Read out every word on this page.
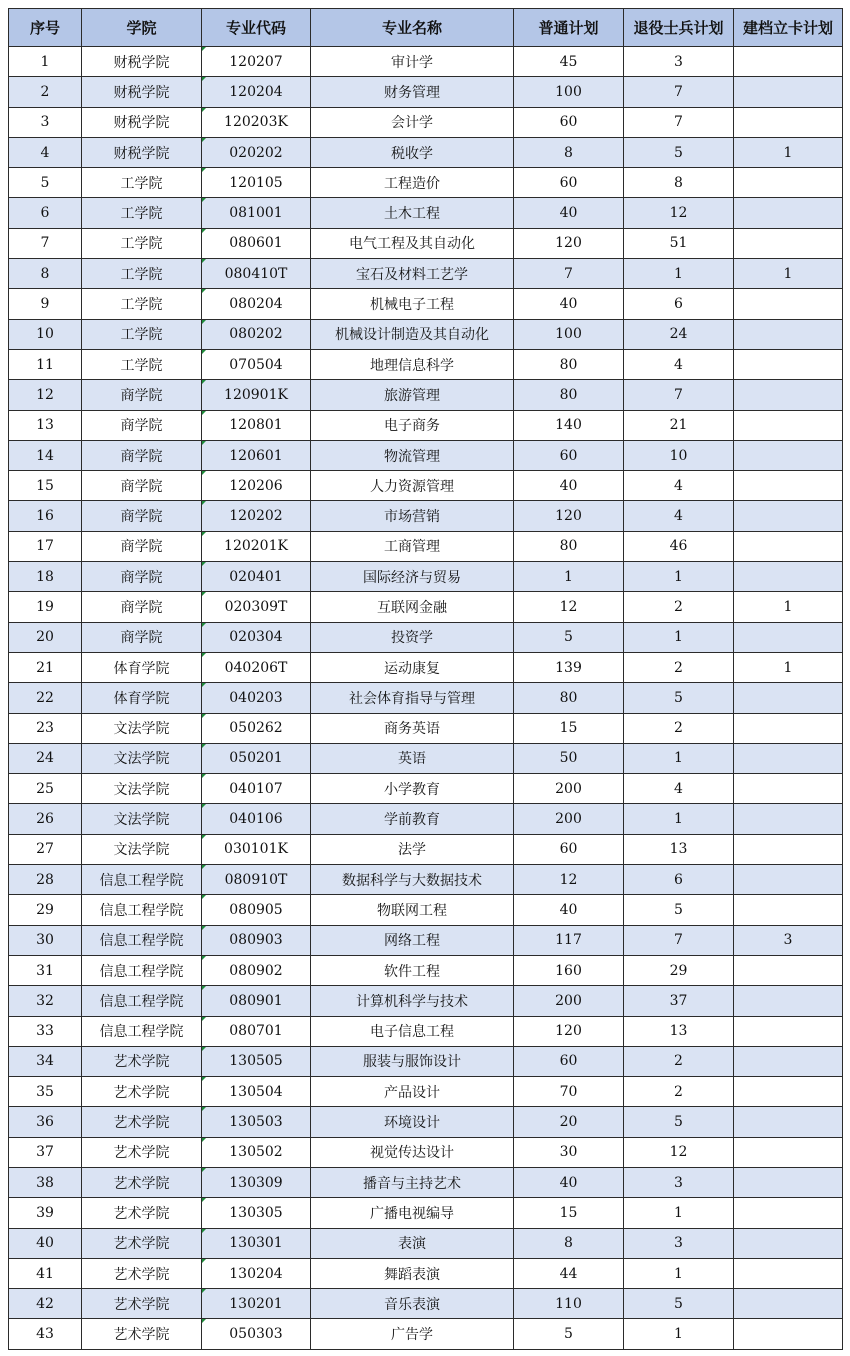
序号	学院	专业代码	专业名称	普通计划	退役士兵计划	建档立卡计划
1	财税学院	120207	审计学	45	3	
2	财税学院	120204	财务管理	100	7	
3	财税学院	120203K	会计学	60	7	
4	财税学院	020202	税收学	8	5	1
5	工学院	120105	工程造价	60	8	
6	工学院	081001	土木工程	40	12	
7	工学院	080601	电气工程及其自动化	120	51	
8	工学院	080410T	宝石及材料工艺学	7	1	1
9	工学院	080204	机械电子工程	40	6	
10	工学院	080202	机械设计制造及其自动化	100	24	
11	工学院	070504	地理信息科学	80	4	
12	商学院	120901K	旅游管理	80	7	
13	商学院	120801	电子商务	140	21	
14	商学院	120601	物流管理	60	10	
15	商学院	120206	人力资源管理	40	4	
16	商学院	120202	市场营销	120	4	
17	商学院	120201K	工商管理	80	46	
18	商学院	020401	国际经济与贸易	1	1	
19	商学院	020309T	互联网金融	12	2	1
20	商学院	020304	投资学	5	1	
21	体育学院	040206T	运动康复	139	2	1
22	体育学院	040203	社会体育指导与管理	80	5	
23	文法学院	050262	商务英语	15	2	
24	文法学院	050201	英语	50	1	
25	文法学院	040107	小学教育	200	4	
26	文法学院	040106	学前教育	200	1	
27	文法学院	030101K	法学	60	13	
28	信息工程学院	080910T	数据科学与大数据技术	12	6	
29	信息工程学院	080905	物联网工程	40	5	
30	信息工程学院	080903	网络工程	117	7	3
31	信息工程学院	080902	软件工程	160	29	
32	信息工程学院	080901	计算机科学与技术	200	37	
33	信息工程学院	080701	电子信息工程	120	13	
34	艺术学院	130505	服装与服饰设计	60	2	
35	艺术学院	130504	产品设计	70	2	
36	艺术学院	130503	环境设计	20	5	
37	艺术学院	130502	视觉传达设计	30	12	
38	艺术学院	130309	播音与主持艺术	40	3	
39	艺术学院	130305	广播电视编导	15	1	
40	艺术学院	130301	表演	8	3	
41	艺术学院	130204	舞蹈表演	44	1	
42	艺术学院	130201	音乐表演	110	5	
43	艺术学院	050303	广告学	5	1	
